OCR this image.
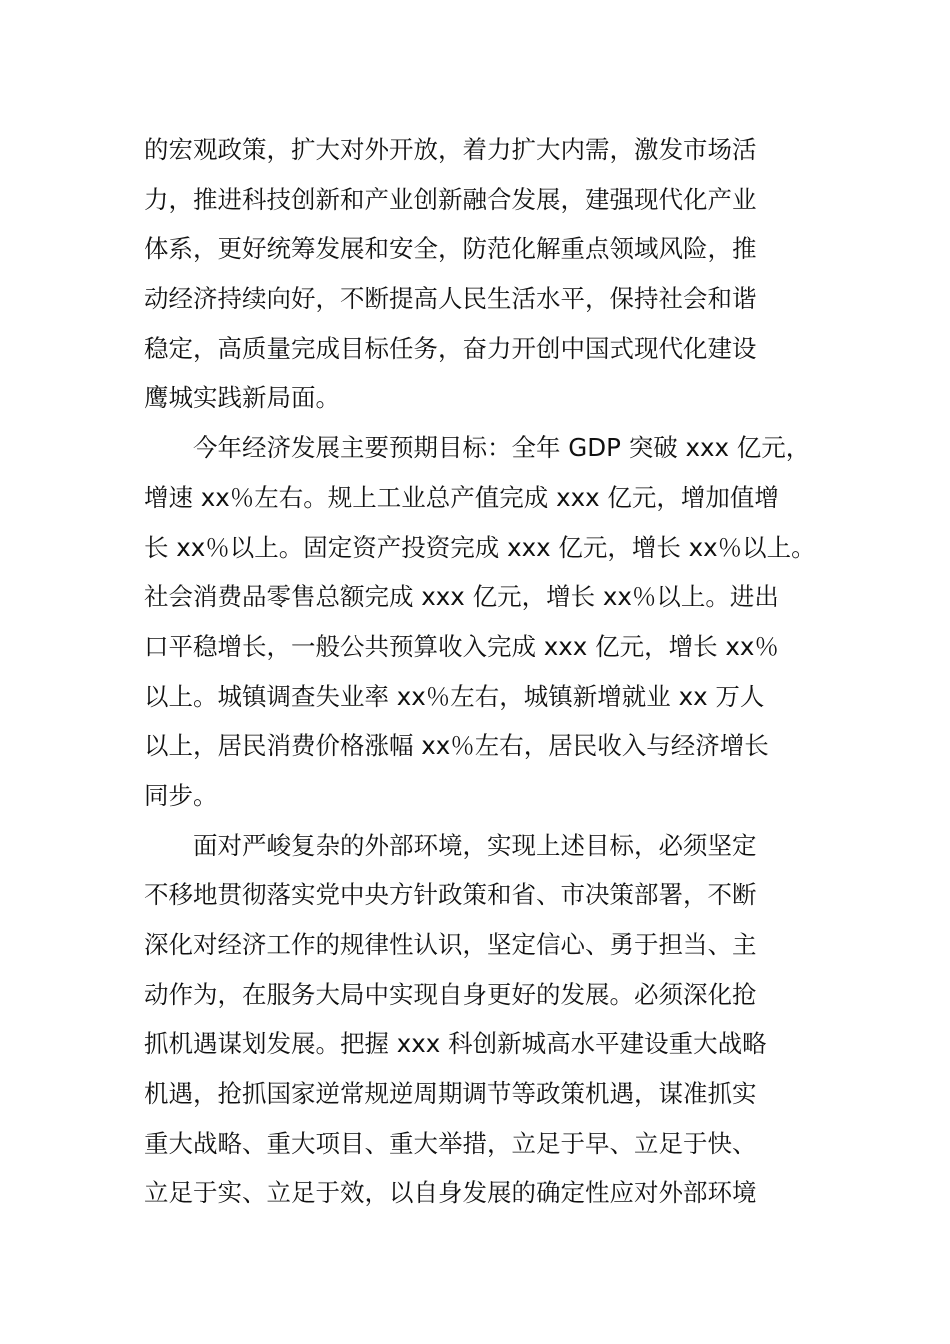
的宏观政策，扩大对外开放，着力扩大内需，激发市场活
力，推进科技创新和产业创新融合发展，建强现代化产业
体系，更好统筹发展和安全，防范化解重点领域风险，推
动经济持续向好，不断提高人民生活水平，保持社会和谐
稳定，高质量完成目标任务，奋力开创中国式现代化建设
鹰城实践新局面。
今年经济发展主要预期目标：全年 GDP 突破 xxx 亿元，
增速 xx％左右。规上工业总产值完成 xxx 亿元，增加值增
长 xx％以上。固定资产投资完成 xxx 亿元，增长 xx％以上。
社会消费品零售总额完成 xxx 亿元，增长 xx％以上。进出
口平稳增长，一般公共预算收入完成 xxx 亿元，增长 xx％
以上。城镇调查失业率 xx％左右，城镇新增就业 xx 万人
以上，居民消费价格涨幅 xx％左右，居民收入与经济增长
同步。
面对严峻复杂的外部环境，实现上述目标，必须坚定
不移地贯彻落实党中央方针政策和省、市决策部署，不断
深化对经济工作的规律性认识，坚定信心、勇于担当、主
动作为，在服务大局中实现自身更好的发展。必须深化抢
抓机遇谋划发展。把握 xxx 科创新城高水平建设重大战略
机遇，抢抓国家逆常规逆周期调节等政策机遇，谋准抓实
重大战略、重大项目、重大举措，立足于早、立足于快、
立足于实、立足于效，以自身发展的确定性应对外部环境
